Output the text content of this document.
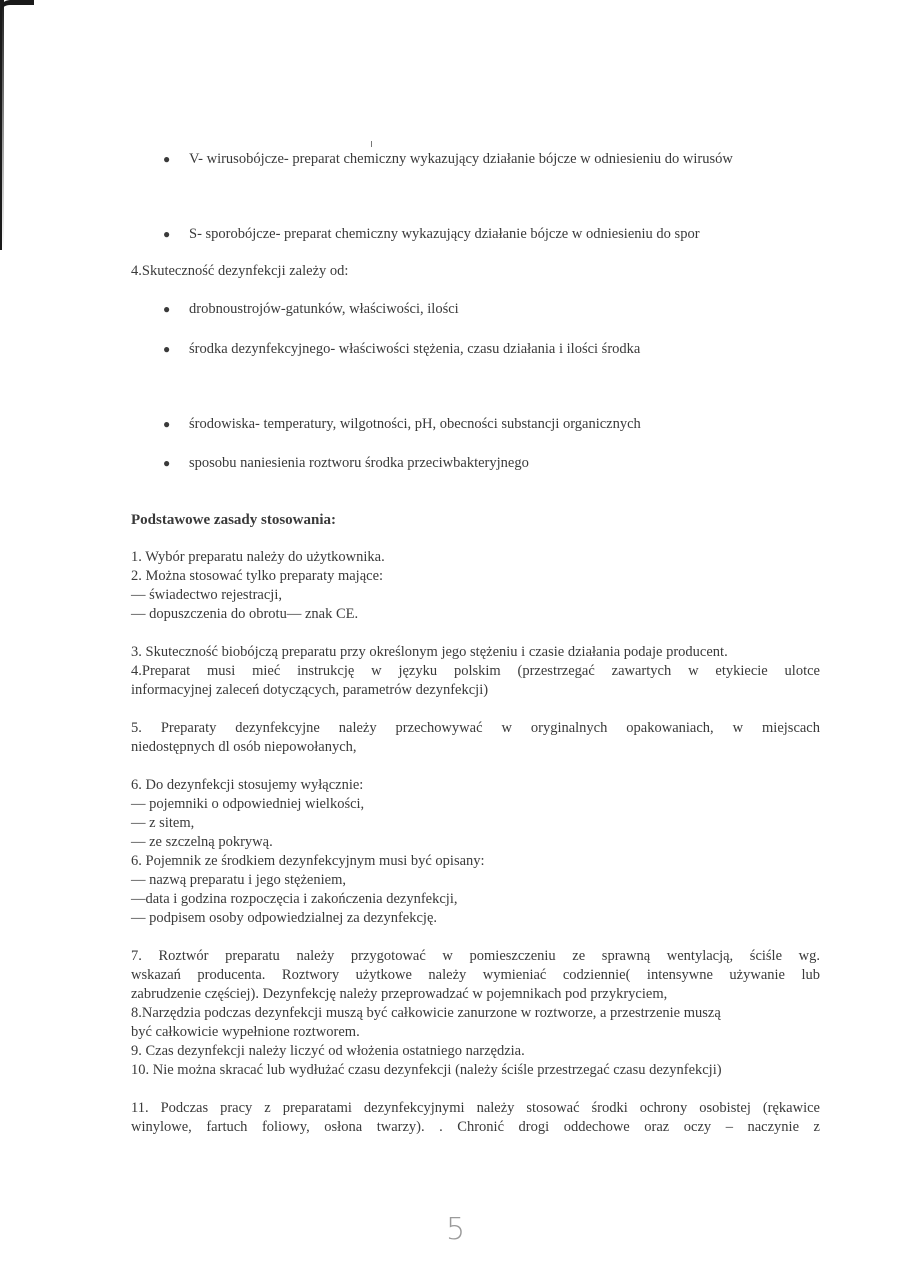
● V- wirusobójcze- preparat chemiczny wykazujący działanie bójcze w odniesieniu do wirusów
● S- sporobójcze- preparat chemiczny wykazujący działanie bójcze w odniesieniu do spor
4.Skuteczność dezynfekcji zależy od:
● drobnoustrojów-gatunków, właściwości, ilości
● środka dezynfekcyjnego- właściwości stężenia, czasu działania i ilości środka
● środowiska- temperatury, wilgotności, pH, obecności substancji organicznych
● sposobu naniesienia roztworu środka przeciwbakteryjnego
Podstawowe zasady stosowania:
1. Wybór preparatu należy do użytkownika.
2. Można stosować tylko preparaty mające:
— świadectwo rejestracji,
— dopuszczenia do obrotu— znak CE.
3. Skuteczność biobójczą preparatu przy określonym jego stężeniu i czasie działania podaje producent.
4.Preparat musi mieć instrukcję w języku polskim (przestrzegać zawartych w etykiecie ulotce
informacyjnej zaleceń dotyczących, parametrów dezynfekcji)
5. Preparaty dezynfekcyjne należy przechowywać w oryginalnych opakowaniach, w miejscach
niedostępnych dl osób niepowołanych,
6. Do dezynfekcji stosujemy wyłącznie:
— pojemniki o odpowiedniej wielkości,
— z sitem,
— ze szczelną pokrywą.
6. Pojemnik ze środkiem dezynfekcyjnym musi być opisany:
— nazwą preparatu i jego stężeniem,
—data i godzina rozpoczęcia i zakończenia dezynfekcji,
— podpisem osoby odpowiedzialnej za dezynfekcję.
7. Roztwór preparatu należy przygotować w pomieszczeniu ze sprawną wentylacją, ściśle wg.
wskazań producenta. Roztwory użytkowe należy wymieniać codziennie( intensywne używanie lub
zabrudzenie częściej). Dezynfekcję należy przeprowadzać w pojemnikach pod przykryciem,
8.Narzędzia podczas dezynfekcji muszą być całkowicie zanurzone w roztworze, a przestrzenie muszą
być całkowicie wypełnione roztworem.
9. Czas dezynfekcji należy liczyć od włożenia ostatniego narzędzia.
10. Nie można skracać lub wydłużać czasu dezynfekcji (należy ściśle przestrzegać czasu dezynfekcji)
11. Podczas pracy z preparatami dezynfekcyjnymi należy stosować środki ochrony osobistej (rękawice
winylowe, fartuch foliowy, osłona twarzy). . Chronić drogi oddechowe oraz oczy – naczynie z
5
